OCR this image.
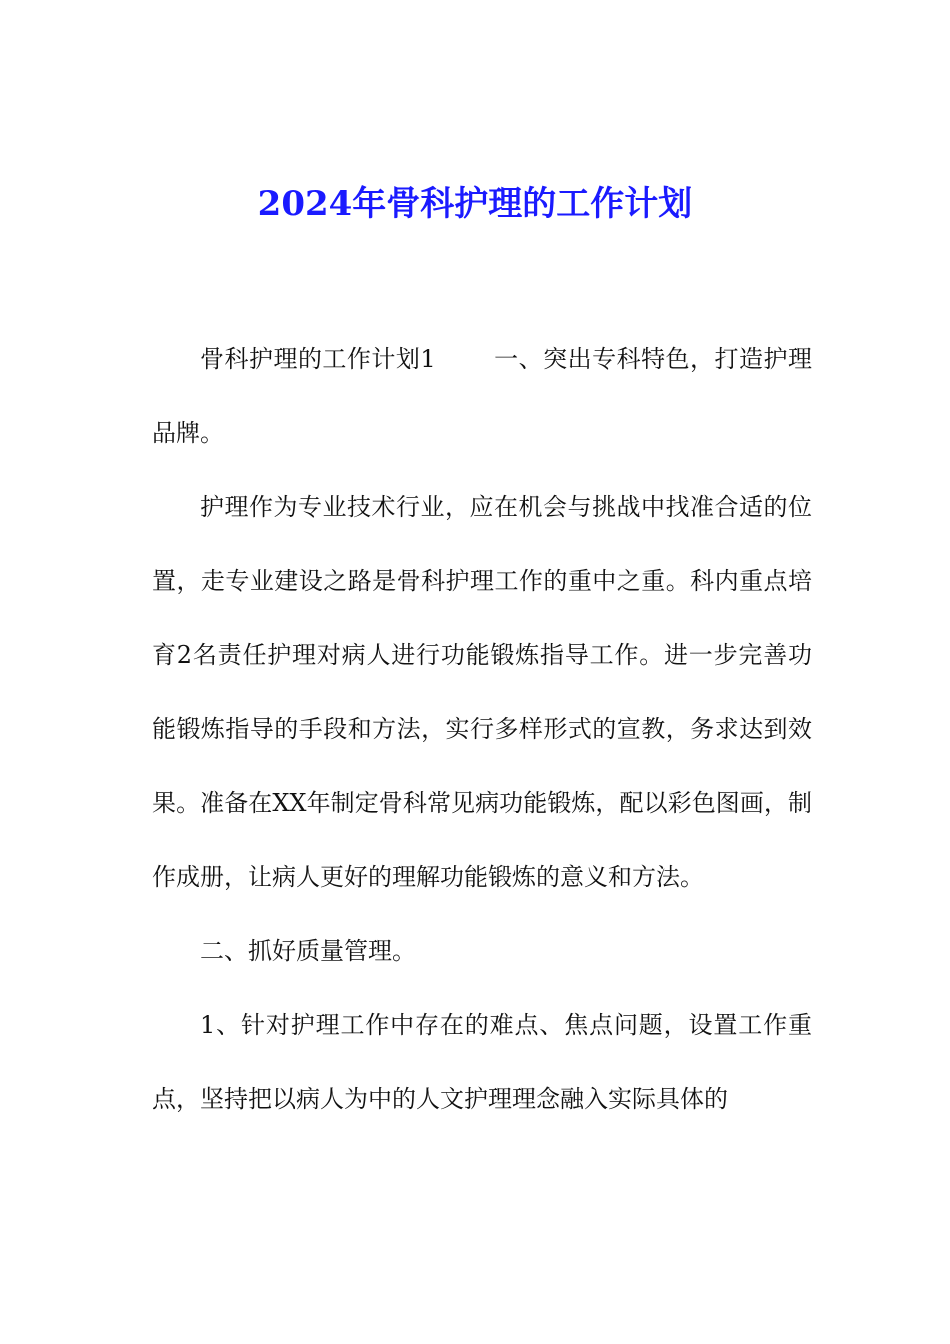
2024年骨科护理的工作计划

骨科护理的工作计划1 一、突出专科特色，打造护理品牌。

护理作为专业技术行业，应在机会与挑战中找准合适的位置，走专业建设之路是骨科护理工作的重中之重。科内重点培育2名责任护理对病人进行功能锻炼指导工作。进一步完善功能锻炼指导的手段和方法，实行多样形式的宣教，务求达到效果。准备在XX年制定骨科常见病功能锻炼，配以彩色图画，制作成册，让病人更好的理解功能锻炼的意义和方法。

二、抓好质量管理。

1、针对护理工作中存在的难点、焦点问题，设置工作重点，坚持把以病人为中的人文护理理念融入实际具体的
